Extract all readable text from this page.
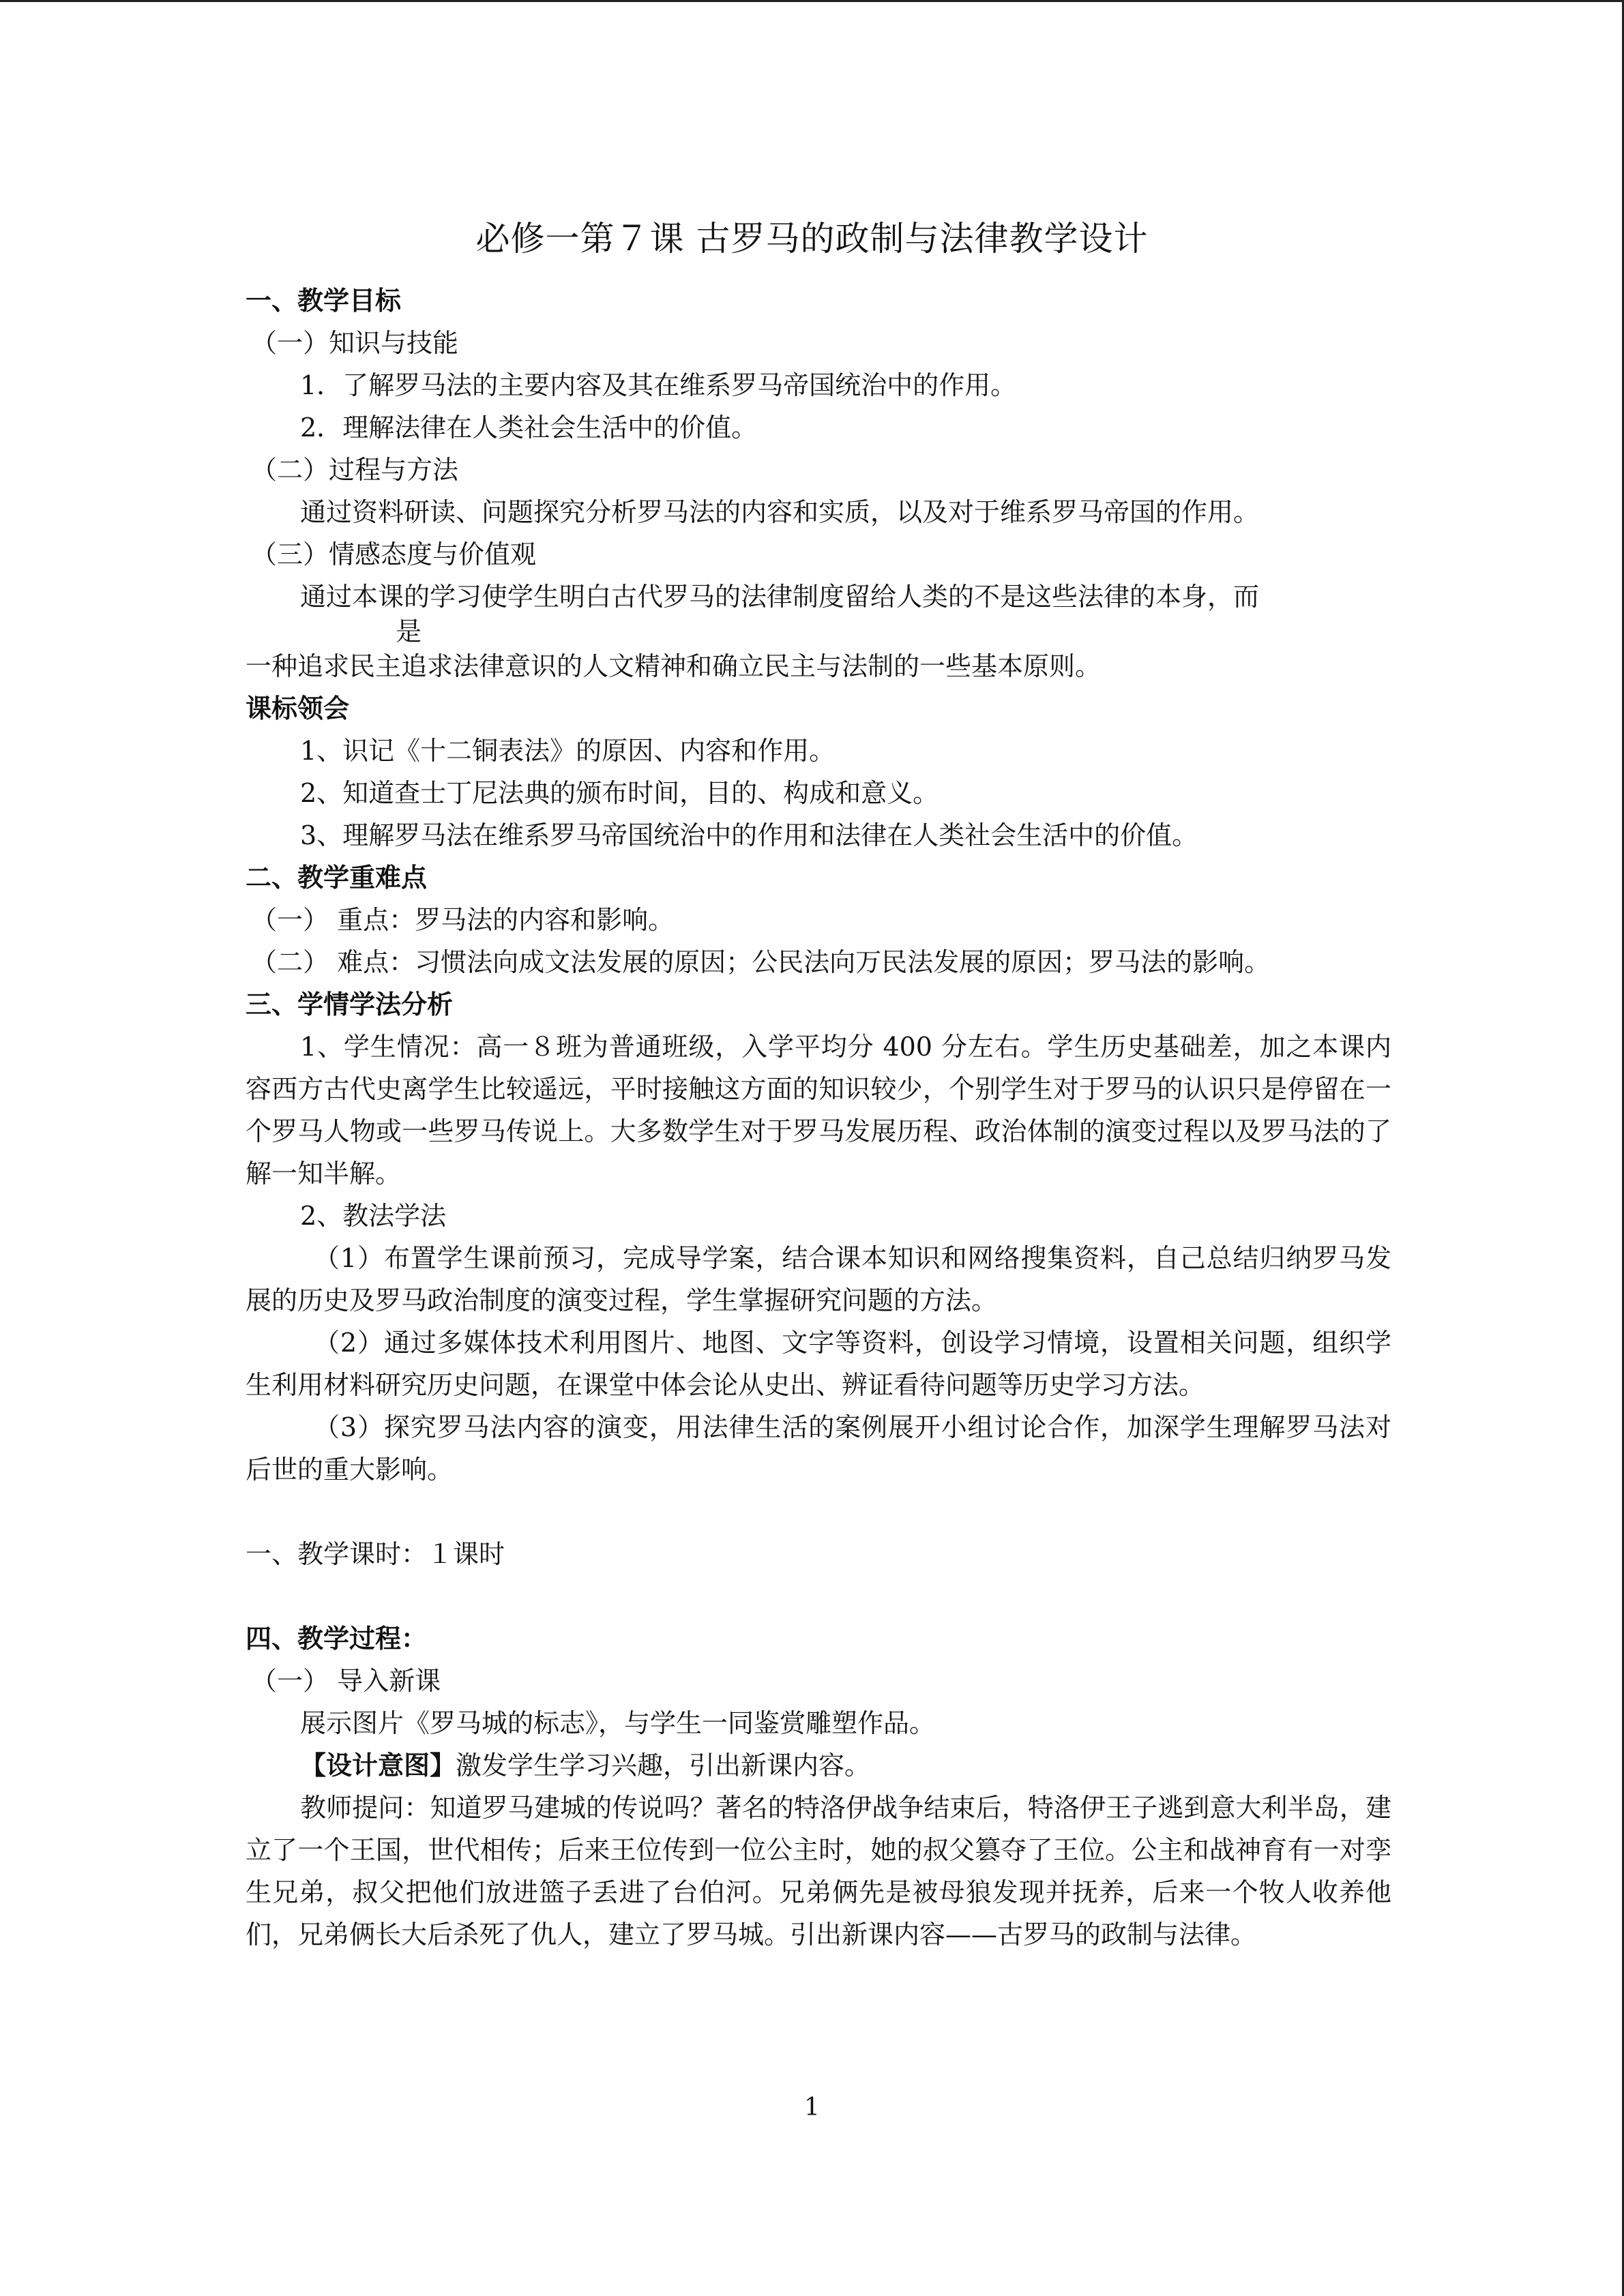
必修一第７课 古罗马的政制与法律教学设计
一、教学目标
（一）知识与技能
1．了解罗马法的主要内容及其在维系罗马帝国统治中的作用。
2．理解法律在人类社会生活中的价值。
（二）过程与方法
通过资料研读、问题探究分析罗马法的内容和实质，以及对于维系罗马帝国的作用。
（三）情感态度与价值观
通过本课的学习使学生明白古代罗马的法律制度留给人类的不是这些法律的本身，而
是
一种追求民主追求法律意识的人文精神和确立民主与法制的一些基本原则。
课标领会
1、识记《十二铜表法》的原因、内容和作用。
2、知道查士丁尼法典的颁布时间，目的、构成和意义。
3、理解罗马法在维系罗马帝国统治中的作用和法律在人类社会生活中的价值。
二、教学重难点
（一） 重点：罗马法的内容和影响。
（二） 难点：习惯法向成文法发展的原因；公民法向万民法发展的原因；罗马法的影响。
三、学情学法分析
1、学生情况：高一８班为普通班级，入学平均分 400 分左右。学生历史基础差，加之本课内容西方古代史离学生比较遥远，平时接触这方面的知识较少，个别学生对于罗马的认识只是停留在一个罗马人物或一些罗马传说上。大多数学生对于罗马发展历程、政治体制的演变过程以及罗马法的了解一知半解。
2、教法学法
（1）布置学生课前预习，完成导学案，结合课本知识和网络搜集资料，自己总结归纳罗马发展的历史及罗马政治制度的演变过程，学生掌握研究问题的方法。
（2）通过多媒体技术利用图片、地图、文字等资料，创设学习情境，设置相关问题，组织学生利用材料研究历史问题，在课堂中体会论从史出、辨证看待问题等历史学习方法。
（3）探究罗马法内容的演变，用法律生活的案例展开小组讨论合作，加深学生理解罗马法对后世的重大影响。
一、教学课时：１课时
四、教学过程：
（一） 导入新课
展示图片《罗马城的标志》，与学生一同鉴赏雕塑作品。
【设计意图】激发学生学习兴趣，引出新课内容。
教师提问：知道罗马建城的传说吗？著名的特洛伊战争结束后，特洛伊王子逃到意大利半岛，建立了一个王国，世代相传；后来王位传到一位公主时，她的叔父篡夺了王位。公主和战神育有一对孪生兄弟，叔父把他们放进篮子丢进了台伯河。兄弟俩先是被母狼发现并抚养，后来一个牧人收养他们，兄弟俩长大后杀死了仇人，建立了罗马城。引出新课内容——古罗马的政制与法律。
1
